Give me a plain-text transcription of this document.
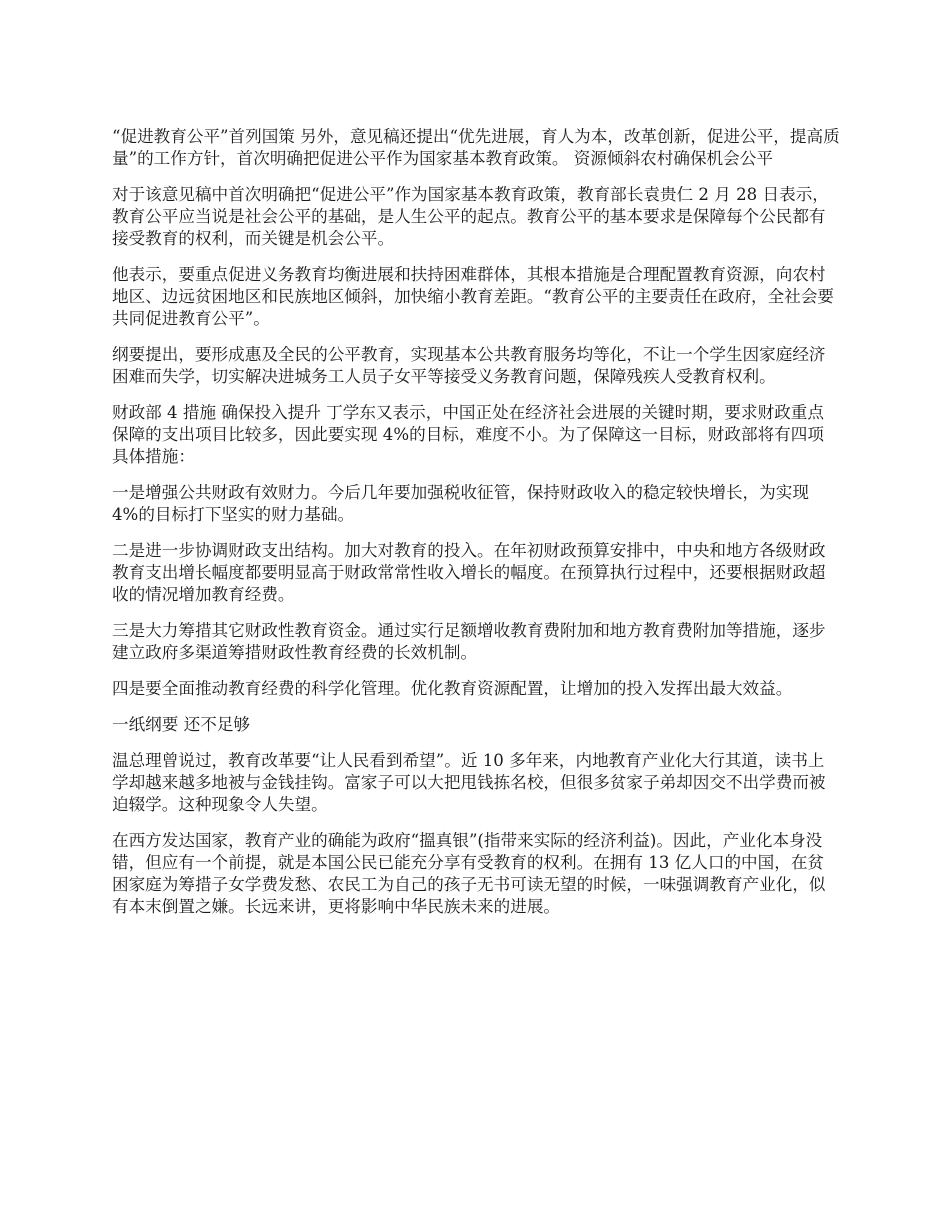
“促进教育公平”首列国策 另外，意见稿还提出“优先进展，育人为本，改革创新，促进公平，提高质量”的工作方针，首次明确把促进公平作为国家基本教育政策。 资源倾斜农村确保机会公平

对于该意见稿中首次明确把“促进公平”作为国家基本教育政策，教育部长袁贵仁 2 月 28 日表示，教育公平应当说是社会公平的基础，是人生公平的起点。教育公平的基本要求是保障每个公民都有接受教育的权利，而关键是机会公平。

他表示，要重点促进义务教育均衡进展和扶持困难群体，其根本措施是合理配置教育资源，向农村地区、边远贫困地区和民族地区倾斜，加快缩小教育差距。“教育公平的主要责任在政府，全社会要共同促进教育公平”。

纲要提出，要形成惠及全民的公平教育，实现基本公共教育服务均等化，不让一个学生因家庭经济困难而失学，切实解决进城务工人员子女平等接受义务教育问题，保障残疾人受教育权利。

财政部 4 措施 确保投入提升 丁学东又表示，中国正处在经济社会进展的关键时期，要求财政重点保障的支出项目比较多，因此要实现 4%的目标，难度不小。为了保障这一目标，财政部将有四项具体措施：

一是增强公共财政有效财力。今后几年要加强税收征管，保持财政收入的稳定较快增长，为实现 4%的目标打下坚实的财力基础。

二是进一步协调财政支出结构。加大对教育的投入。在年初财政预算安排中，中央和地方各级财政教育支出增长幅度都要明显高于财政常常性收入增长的幅度。在预算执行过程中，还要根据财政超收的情况增加教育经费。

三是大力筹措其它财政性教育资金。通过实行足额增收教育费附加和地方教育费附加等措施，逐步建立政府多渠道筹措财政性教育经费的长效机制。

四是要全面推动教育经费的科学化管理。优化教育资源配置，让增加的投入发挥出最大效益。

一纸纲要 还不足够

温总理曾说过，教育改革要“让人民看到希望”。近 10 多年来，内地教育产业化大行其道，读书上学却越来越多地被与金钱挂钩。富家子可以大把甩钱拣名校，但很多贫家子弟却因交不出学费而被迫辍学。这种现象令人失望。

在西方发达国家，教育产业的确能为政府“搵真银”(指带来实际的经济利益)。因此，产业化本身没错，但应有一个前提，就是本国公民已能充分享有受教育的权利。在拥有 13 亿人口的中国，在贫困家庭为筹措子女学费发愁、农民工为自己的孩子无书可读无望的时候，一味强调教育产业化，似有本末倒置之嫌。长远来讲，更将影响中华民族未来的进展。
